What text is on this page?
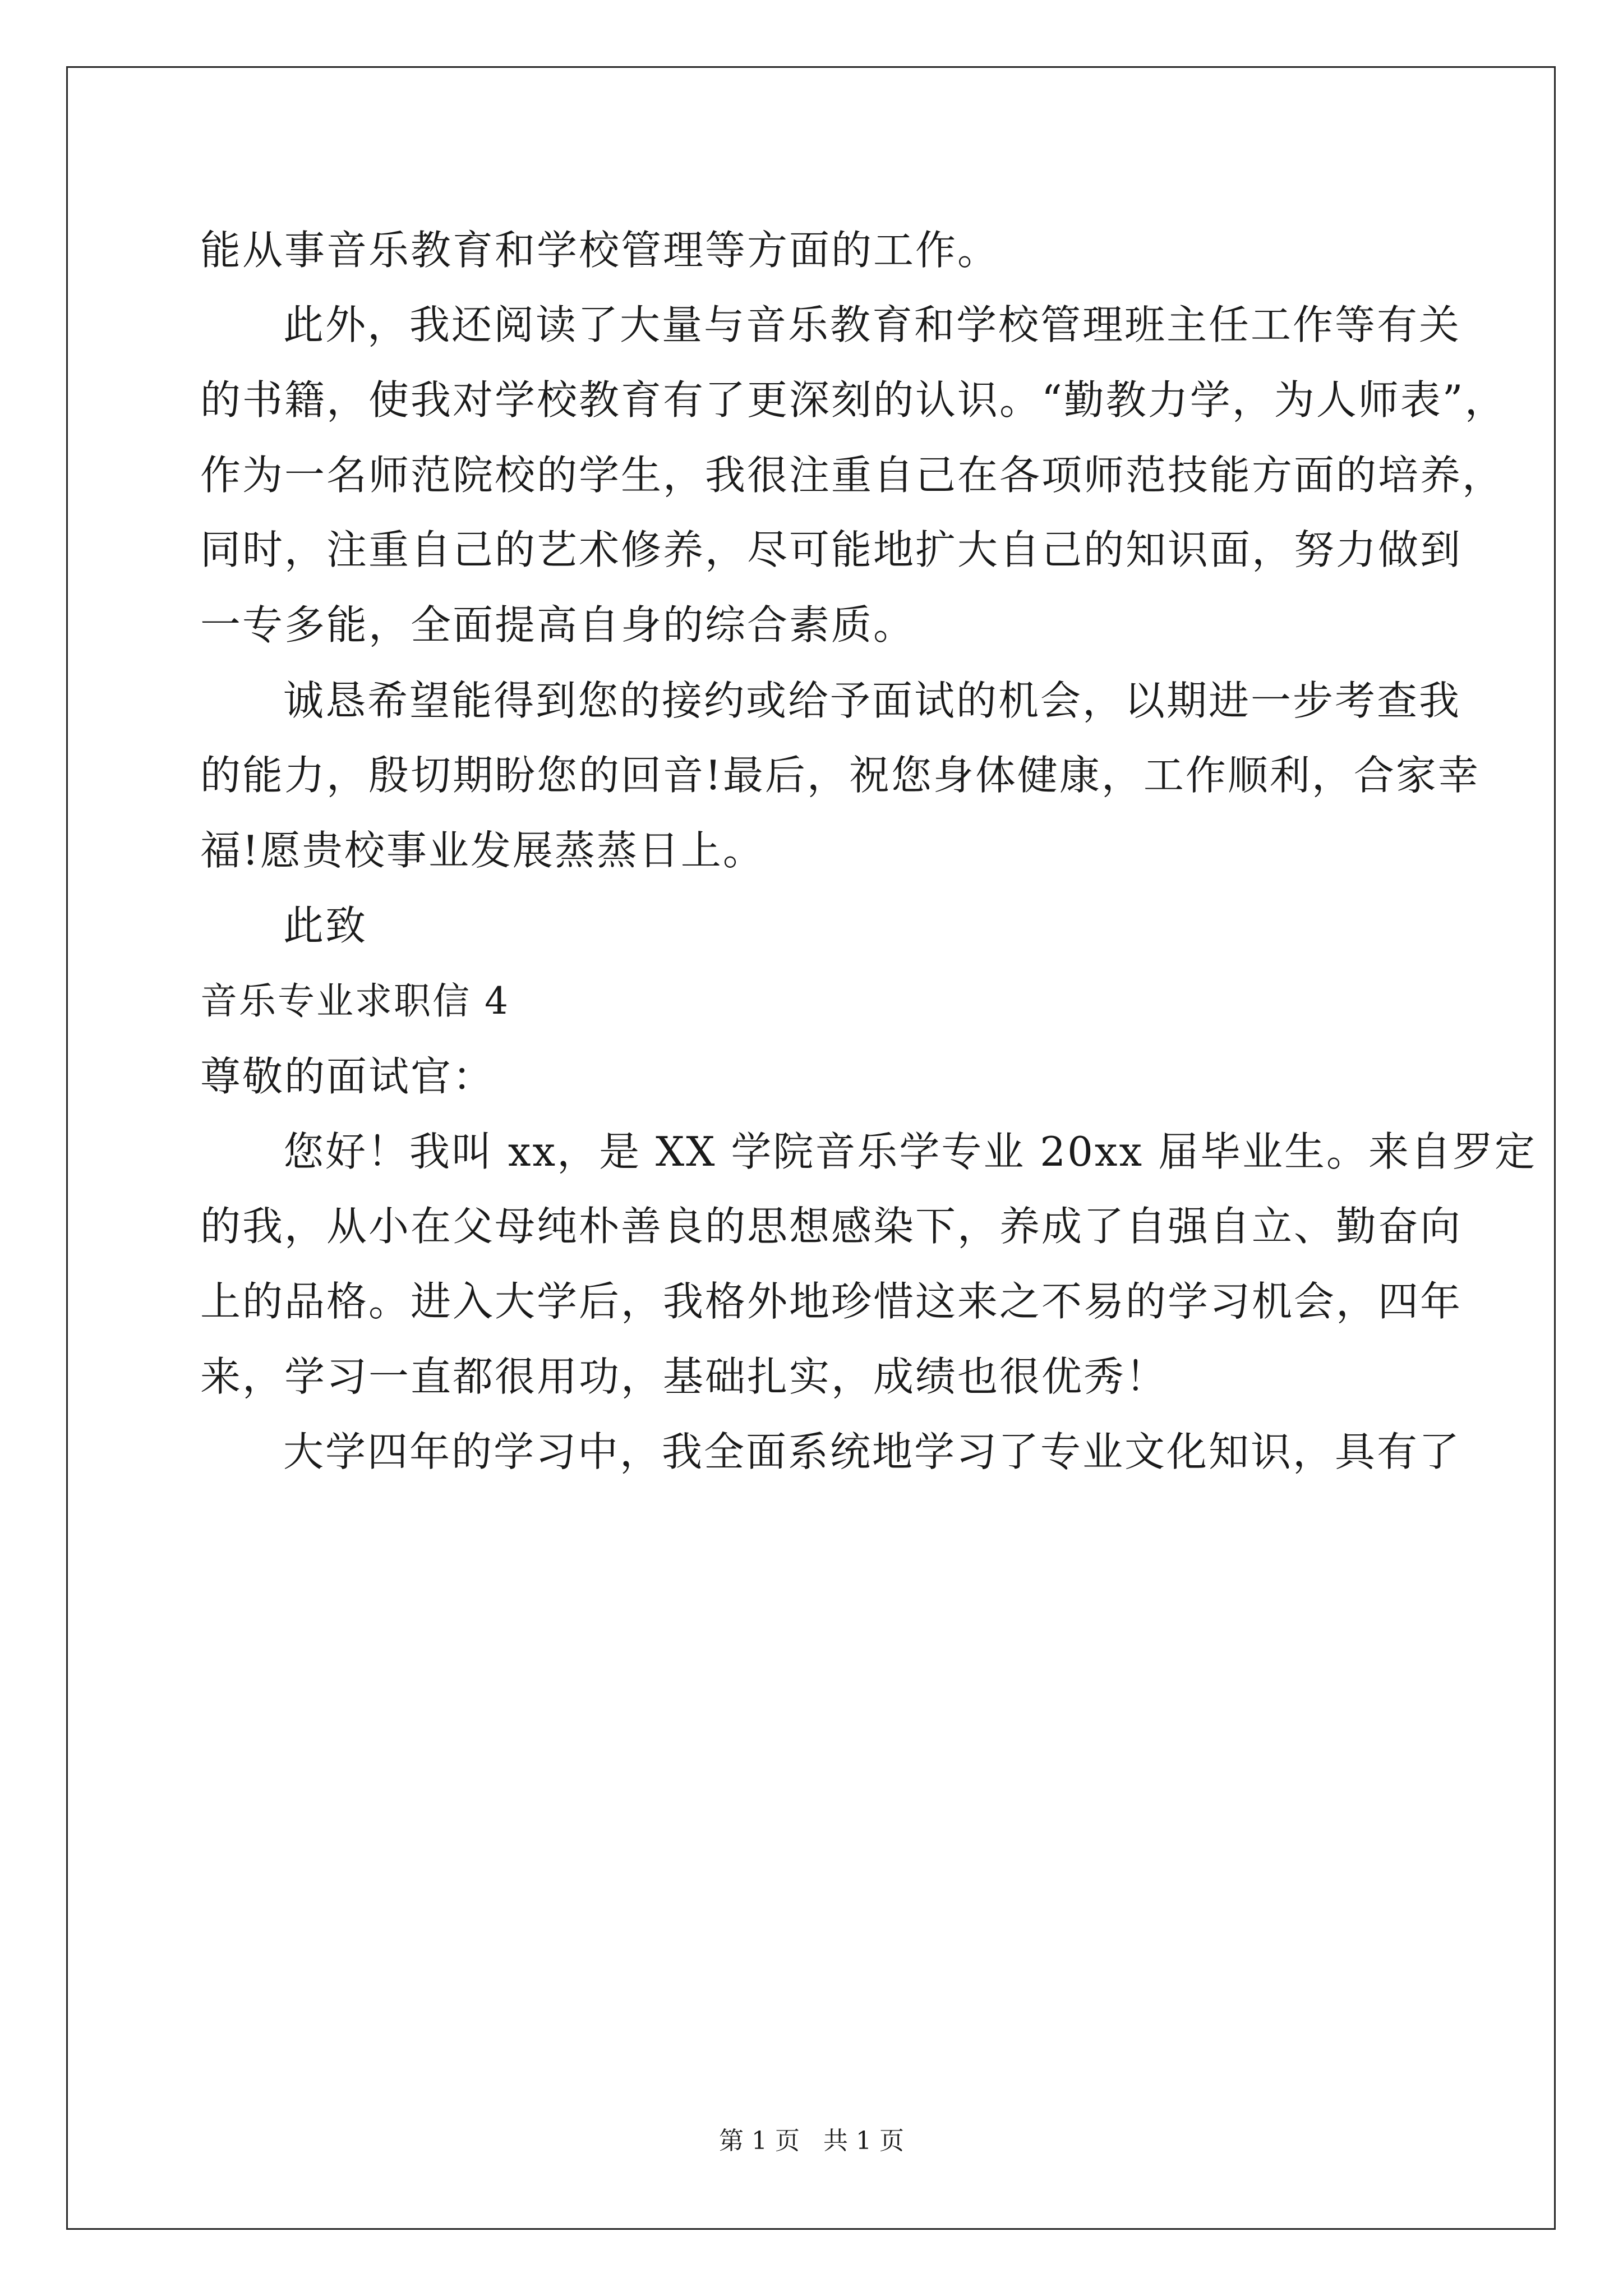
能从事音乐教育和学校管理等方面的工作。
此外，我还阅读了大量与音乐教育和学校管理班主任工作等有关
的书籍，使我对学校教育有了更深刻的认识。“勤教力学，为人师表”，
作为一名师范院校的学生，我很注重自己在各项师范技能方面的培养，
同时，注重自己的艺术修养，尽可能地扩大自己的知识面，努力做到
一专多能，全面提高自身的综合素质。
诚恳希望能得到您的接约或给予面试的机会，以期进一步考查我
的能力，殷切期盼您的回音!最后，祝您身体健康，工作顺利，合家幸
福!愿贵校事业发展蒸蒸日上。
此致
音乐专业求职信 4
尊敬的面试官：
您好！我叫 xx，是 XX 学院音乐学专业 20xx 届毕业生。来自罗定
的我，从小在父母纯朴善良的思想感染下，养成了自强自立、勤奋向
上的品格。进入大学后，我格外地珍惜这来之不易的学习机会，四年
来，学习一直都很用功，基础扎实，成绩也很优秀！
大学四年的学习中，我全面系统地学习了专业文化知识，具有了
第 1 页   共 1 页
